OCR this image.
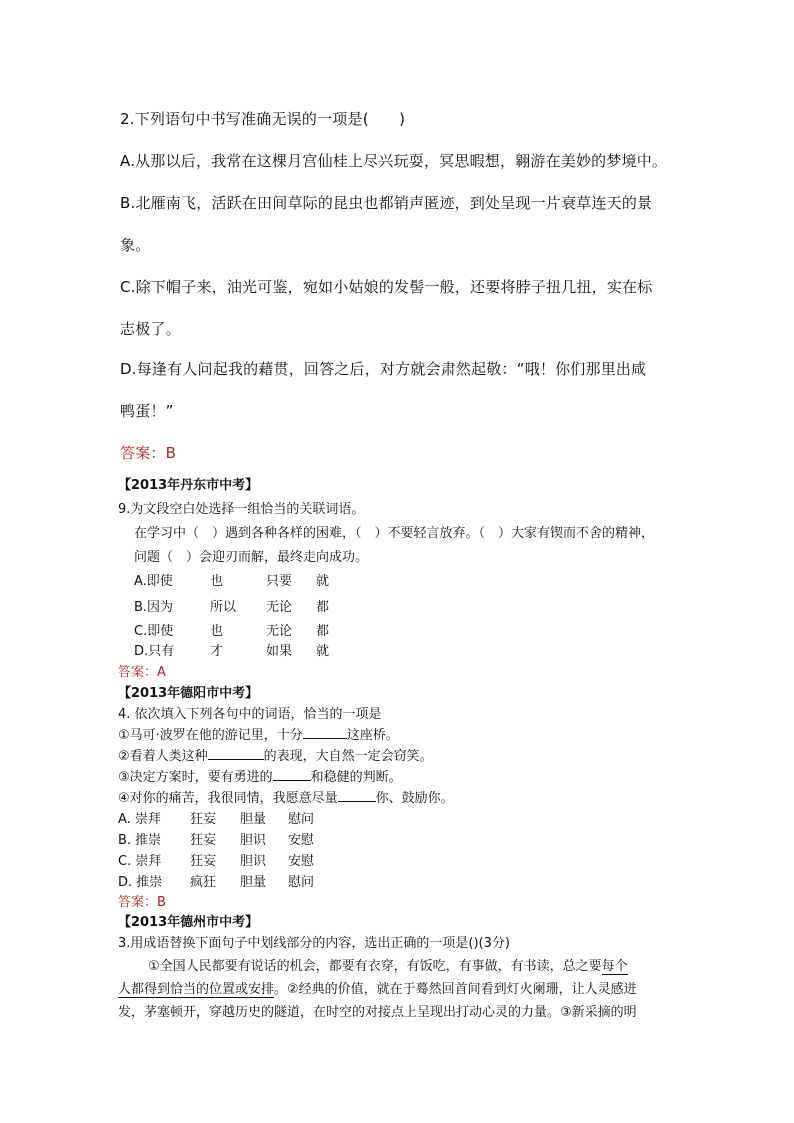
2.下列语句中书写准确无误的一项是(　　)
A.从那以后，我常在这棵月宫仙桂上尽兴玩耍，冥思暇想，翱游在美妙的梦境中。
B.北雁南飞，活跃在田间草际的昆虫也都销声匿迹，到处呈现一片衰草连天的景
象。
C.除下帽子来，油光可鉴，宛如小姑娘的发髻一般，还要将脖子扭几扭，实在标
志极了。
D.每逢有人问起我的藉贯，回答之后，对方就会肃然起敬：“哦！你们那里出咸
鸭蛋！”
答案：B
【2013年丹东市中考】
9.为文段空白处选择一组恰当的关联词语。
在学习中（　）遇到各种各样的困难，（　）不要轻言放弃。（　）大家有锲而不舍的精神，
问题（　）会迎刃而解，最终走向成功。
A.即使	也	只要 就
B.因为	所以 无论 都
C.即使	也	无论 都
D.只有	才	如果 就
答案：A
【2013年德阳市中考】
4. 依次填入下列各句中的词语，恰当的一项是
①马可·波罗在他的游记里，十分	这座桥。
②看着人类这种	的表现，大自然一定会窃笑。
③决定方案时，要有勇进的	和稳健的判断。
④对你的痛苦，我很同情，我愿意尽量	你、鼓励你。
A. 崇拜 狂妄 胆量 慰问
B. 推崇 狂妄 胆识 安慰
C. 崇拜 狂妄 胆识 安慰
D. 推崇 疯狂 胆量 慰问
答案：B
【2013年德州市中考】
3.用成语替换下面句子中划线部分的内容，选出正确的一项是()(3分)
①全国人民都要有说话的机会，都要有衣穿，有饭吃，有事做，有书读，总之要每个
人都得到恰当的位置或安排。②经典的价值，就在于蓦然回首间看到灯火阑珊，让人灵感迸
发，茅塞顿开，穿越历史的隧道，在时空的对接点上呈现出打动心灵的力量。③新采摘的明
